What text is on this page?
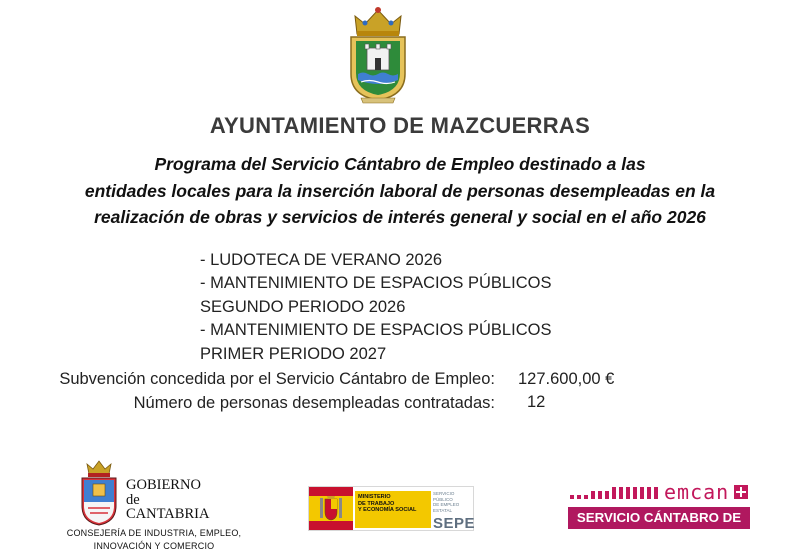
AYUNTAMIENTO DE MAZCUERRAS
Programa del Servicio Cántabro de Empleo destinado a las
entidades locales para la inserción laboral de personas desempleadas en la
realización de obras y servicios de interés general y social en el año 2026
- LUDOTECA DE VERANO 2026
- MANTENIMIENTO DE ESPACIOS PÚBLICOS
SEGUNDO PERIODO 2026
- MANTENIMIENTO DE ESPACIOS PÚBLICOS
PRIMER PERIODO 2027
Subvención concedida por el Servicio Cántabro de Empleo: 127.600,00 €
Número de personas desempleadas contratadas: 12
GOBIERNO
de
CANTABRIA
CONSEJERÍA DE INDUSTRIA, EMPLEO,
INNOVACIÓN Y COMERCIO
MINISTERIO
DE TRABAJO
Y ECONOMÍA SOCIAL
SERVICIO PÚBLICO
DE EMPLEO ESTATAL
SEPE
emcan
SERVICIO CÁNTABRO DE EMPLEO
